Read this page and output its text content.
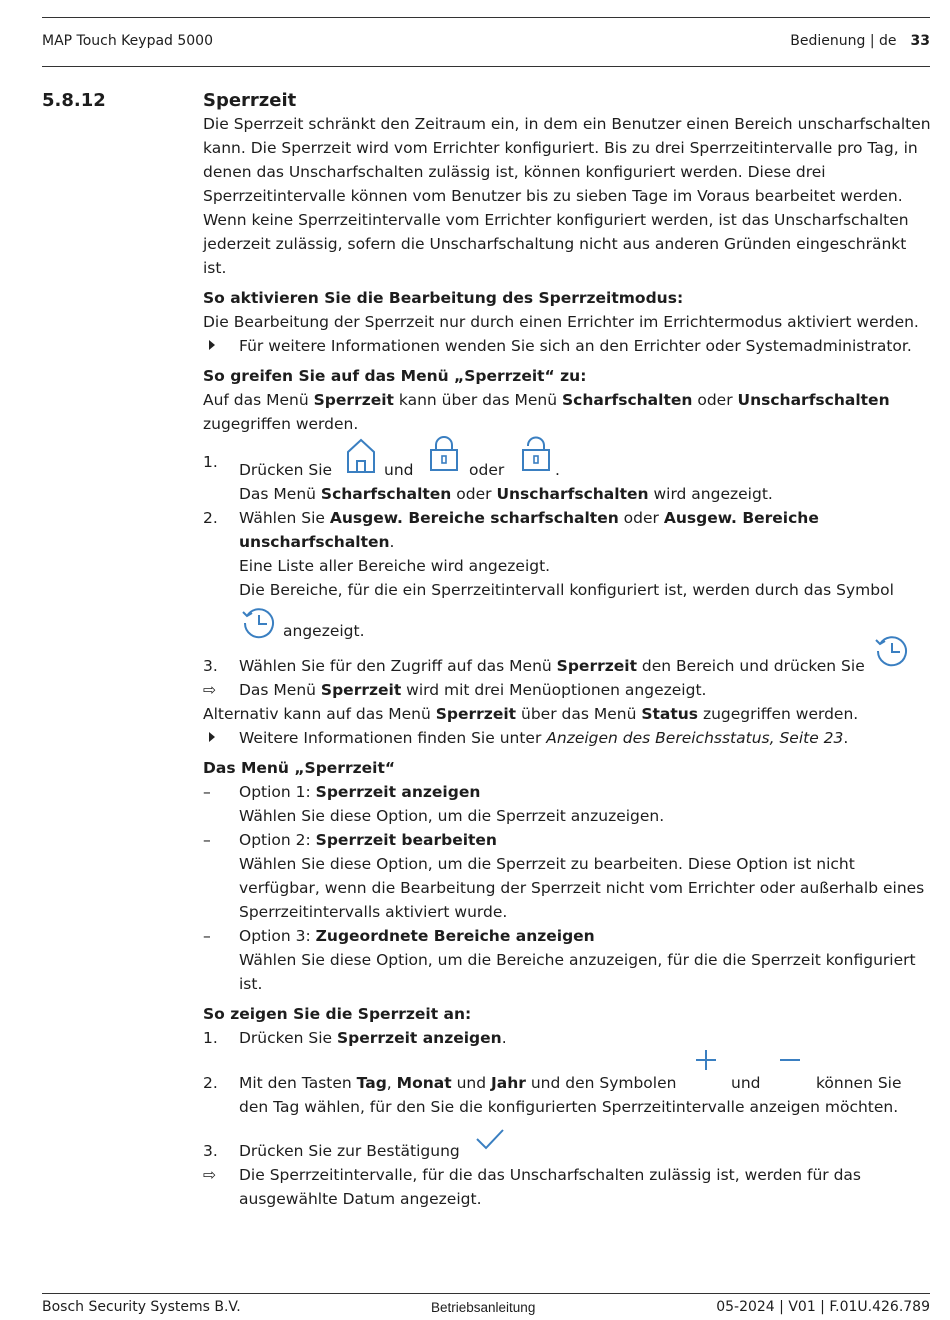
MAP Touch Keypad 5000	Bedienung | de 33
5.8.12	Sperrzeit

Die Sperrzeit schränkt den Zeitraum ein, in dem ein Benutzer einen Bereich unscharfschalten kann. Die Sperrzeit wird vom Errichter konfiguriert. Bis zu drei Sperrzeitintervalle pro Tag, in denen das Unscharfschalten zulässig ist, können konfiguriert werden. Diese drei Sperrzeitintervalle können vom Benutzer bis zu sieben Tage im Voraus bearbeitet werden.

Wenn keine Sperrzeitintervalle vom Errichter konfiguriert werden, ist das Unscharfschalten jederzeit zulässig, sofern die Unscharfschaltung nicht aus anderen Gründen eingeschränkt ist.

So aktivieren Sie die Bearbeitung des Sperrzeitmodus:

Die Bearbeitung der Sperrzeit nur durch einen Errichter im Errichtermodus aktiviert werden.

Für weitere Informationen wenden Sie sich an den Errichter oder Systemadministrator.

So greifen Sie auf das Menü „Sperrzeit“ zu:

Auf das Menü Sperrzeit kann über das Menü Scharfschalten oder Unscharfschalten zugegriffen werden.

1.	Drücken Sie	und	oder	.
Das Menü Scharfschalten oder Unscharfschalten wird angezeigt.
2.	Wählen Sie Ausgew. Bereiche scharfschalten oder Ausgew. Bereiche unscharfschalten.
Eine Liste aller Bereiche wird angezeigt.
Die Bereiche, für die ein Sperrzeitintervall konfiguriert ist, werden durch das Symbol
angezeigt.
3.	Wählen Sie für den Zugriff auf das Menü Sperrzeit den Bereich und drücken Sie
⇨	Das Menü Sperrzeit wird mit drei Menüoptionen angezeigt.

Alternativ kann auf das Menü Sperrzeit über das Menü Status zugegriffen werden.

Weitere Informationen finden Sie unter Anzeigen des Bereichsstatus, Seite 23.

Das Menü „Sperrzeit“

–	Option 1: Sperrzeit anzeigen
Wählen Sie diese Option, um die Sperrzeit anzuzeigen.
–	Option 2: Sperrzeit bearbeiten
Wählen Sie diese Option, um die Sperrzeit zu bearbeiten. Diese Option ist nicht verfügbar, wenn die Bearbeitung der Sperrzeit nicht vom Errichter oder außerhalb eines Sperrzeitintervalls aktiviert wurde.
–	Option 3: Zugeordnete Bereiche anzeigen
Wählen Sie diese Option, um die Bereiche anzuzeigen, für die die Sperrzeit konfiguriert ist.

So zeigen Sie die Sperrzeit an:

1.	Drücken Sie Sperrzeit anzeigen.
2.	Mit den Tasten Tag, Monat und Jahr und den Symbolen	und	können Sie den Tag wählen, für den Sie die konfigurierten Sperrzeitintervalle anzeigen möchten.
3.	Drücken Sie zur Bestätigung
⇨	Die Sperrzeitintervalle, für die das Unscharfschalten zulässig ist, werden für das ausgewählte Datum angezeigt.
Bosch Security Systems B.V.	Betriebsanleitung	05-2024 | V01 | F.01U.426.789
